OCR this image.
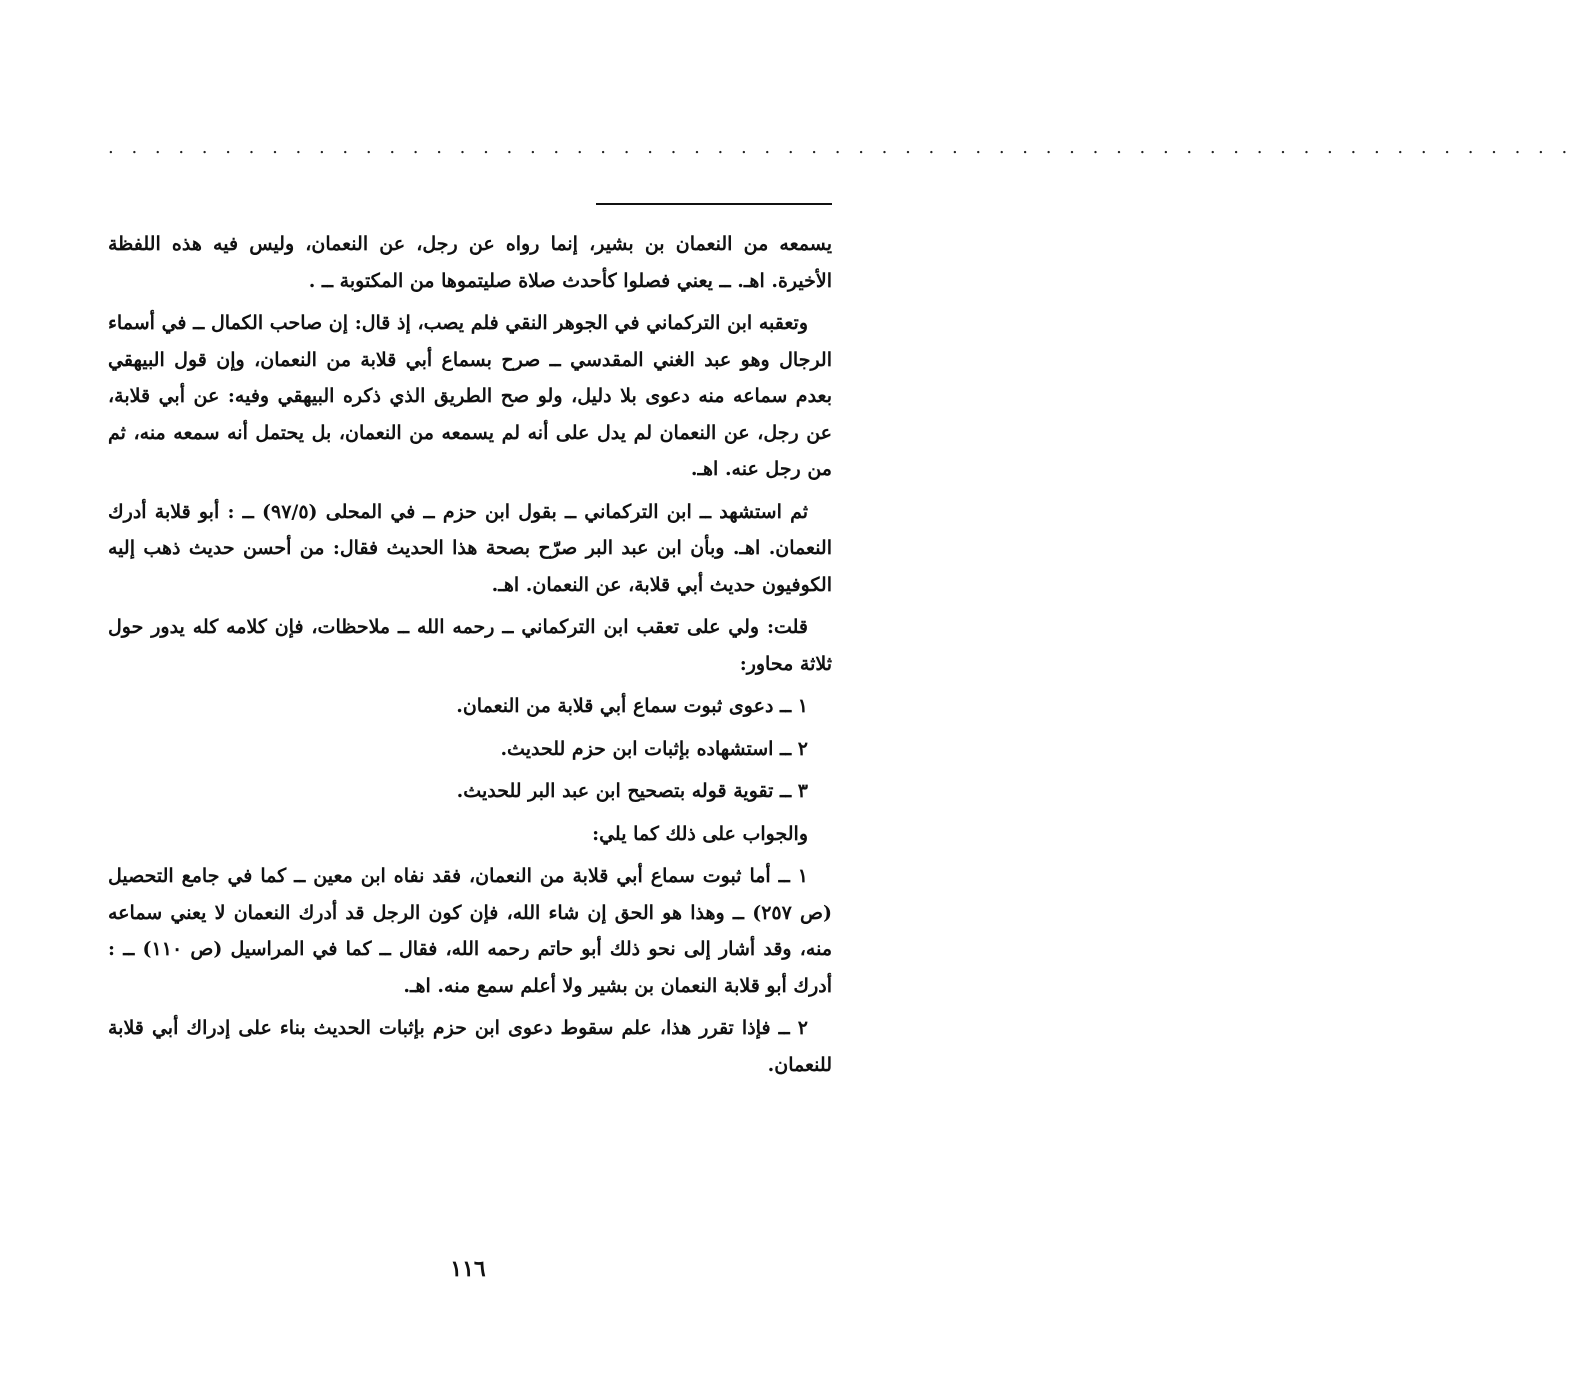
. . . . . . . . . . . . . . . . . . . . . . . . . . . . . . . . . . . . . . . . . . . . . . . . . . . . . . . . . . . . . . .

يسمعه من النعمان بن بشير، إنما رواه عن رجل، عن النعمان، وليس فيه هذه اللفظة الأخيرة. اهـ. ــ يعني فصلوا كأحدث صلاة صليتموها من المكتوبة ــ .

وتعقبه ابن التركماني في الجوهر النقي فلم يصب، إذ قال: إن صاحب الكمال ــ في أسماء الرجال وهو عبد الغني المقدسي ــ صرح بسماع أبي قلابة من النعمان، وإن قول البيهقي بعدم سماعه منه دعوى بلا دليل، ولو صح الطريق الذي ذكره البيهقي وفيه: عن أبي قلابة، عن رجل، عن النعمان لم يدل على أنه لم يسمعه من النعمان، بل يحتمل أنه سمعه منه، ثم من رجل عنه. اهـ.

ثم استشهد ــ ابن التركماني ــ بقول ابن حزم ــ في المحلى (٩٧/٥) ــ : أبو قلابة أدرك النعمان. اهـ. وبأن ابن عبد البر صرّح بصحة هذا الحديث فقال: من أحسن حديث ذهب إليه الكوفيون حديث أبي قلابة، عن النعمان. اهـ.

قلت: ولي على تعقب ابن التركماني ــ رحمه الله ــ ملاحظات، فإن كلامه كله يدور حول ثلاثة محاور:

١ ــ دعوى ثبوت سماع أبي قلابة من النعمان.

٢ ــ استشهاده بإثبات ابن حزم للحديث.

٣ ــ تقوية قوله بتصحيح ابن عبد البر للحديث.

والجواب على ذلك كما يلي:

١ ــ أما ثبوت سماع أبي قلابة من النعمان، فقد نفاه ابن معين ــ كما في جامع التحصيل (ص ٢٥٧) ــ وهذا هو الحق إن شاء الله، فإن كون الرجل قد أدرك النعمان لا يعني سماعه منه، وقد أشار إلى نحو ذلك أبو حاتم رحمه الله، فقال ــ كما في المراسيل (ص ١١٠) ــ : أدرك أبو قلابة النعمان بن بشير ولا أعلم سمع منه. اهـ.

٢ ــ فإذا تقرر هذا، علم سقوط دعوى ابن حزم بإثبات الحديث بناء على إدراك أبي قلابة للنعمان.

١١٦
